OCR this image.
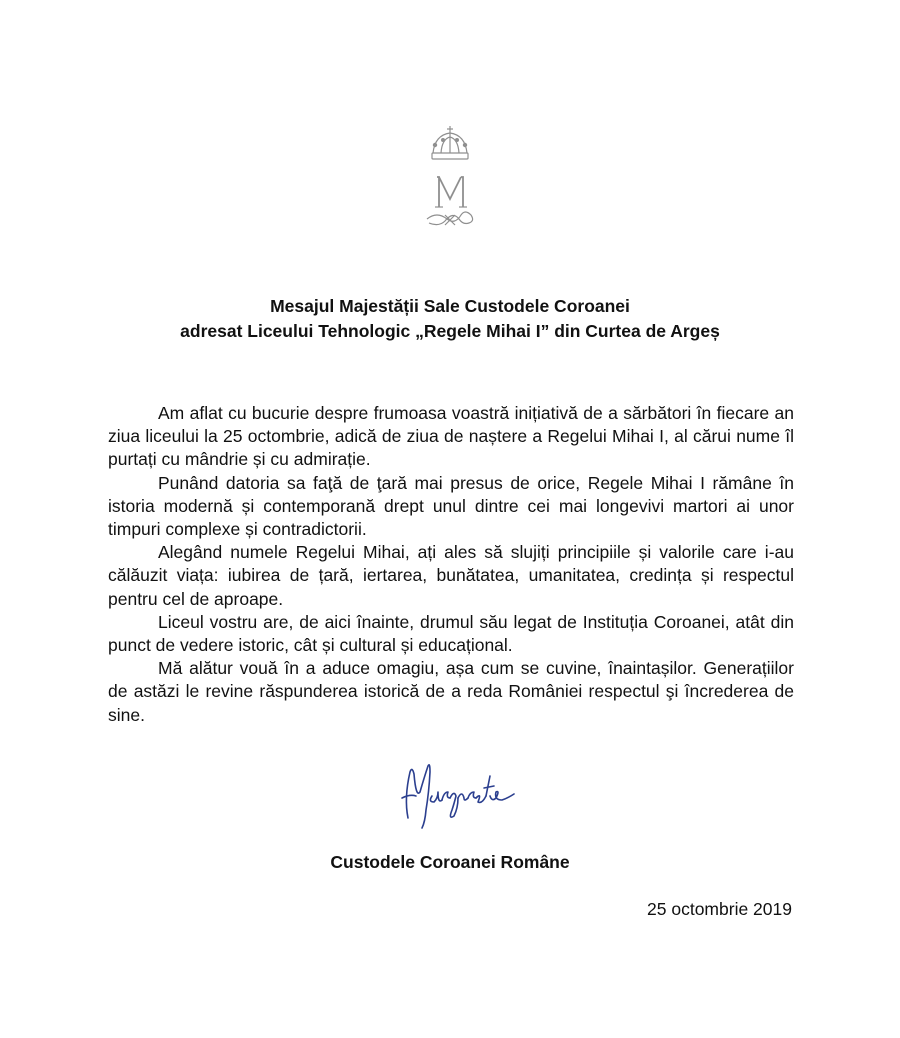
Mesajul Majestății Sale Custodele Coroanei
adresat Liceului Tehnologic „Regele Mihai I” din Curtea de Argeș

Am aflat cu bucurie despre frumoasa voastră inițiativă de a sărbători în fiecare an ziua liceului la 25 octombrie, adică de ziua de naștere a Regelui Mihai I, al cărui nume îl purtați cu mândrie și cu admirație.

Punând datoria sa faţă de ţară mai presus de orice, Regele Mihai I rămâne în istoria modernă și contemporană drept unul dintre cei mai longevivi martori ai unor timpuri complexe și contradictorii.

Alegând numele Regelui Mihai, ați ales să slujiți principiile și valorile care i-au călăuzit viața: iubirea de țară, iertarea, bunătatea, umanitatea, credința și respectul pentru cel de aproape.

Liceul vostru are, de aici înainte, drumul său legat de Instituția Coroanei, atât din punct de vedere istoric, cât și cultural și educațional.

Mă alătur vouă în a aduce omagiu, așa cum se cuvine, înaintașilor. Generațiilor de astăzi le revine răspunderea istorică de a reda României respectul şi încrederea de sine.

Custodele Coroanei Române
25 octombrie 2019
